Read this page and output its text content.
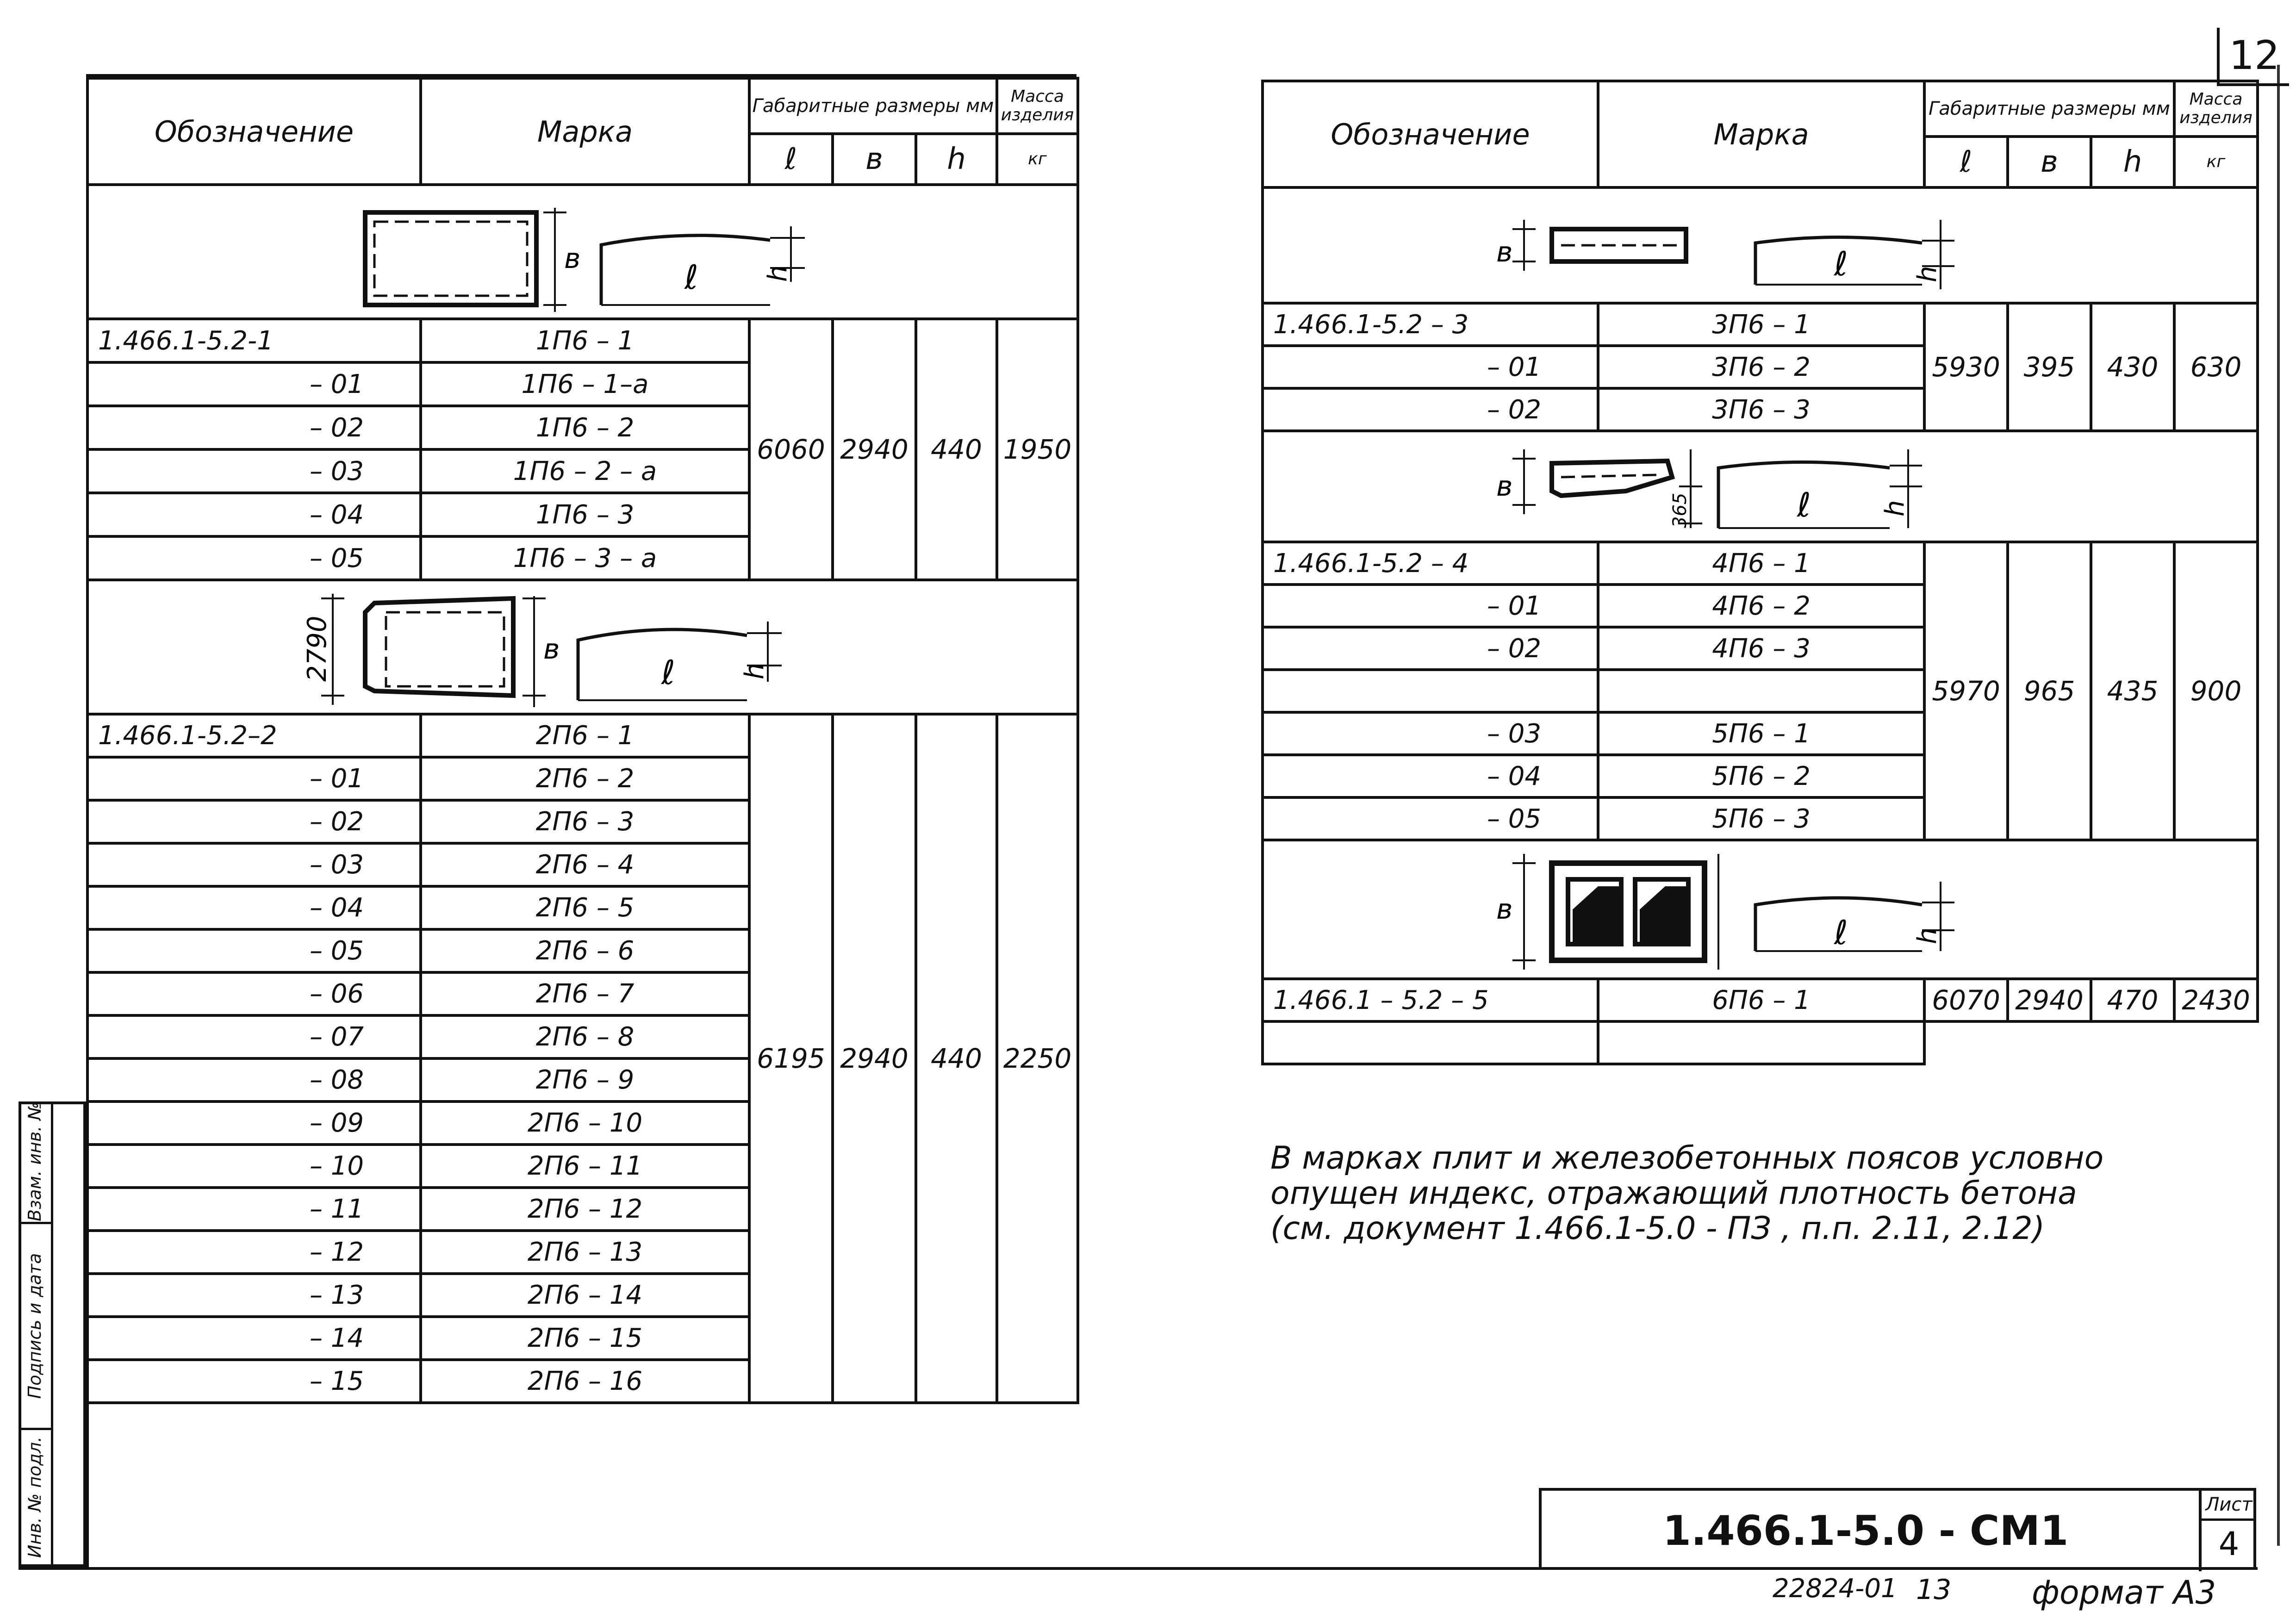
12
Обозначение	Марка	Габаритные размеры мм			Масса изделия
		ℓ	в	h	кг

в ℓ h					

1.466.1-5.2-1	1П6 – 1	6060	2940	440	1950
– 01	1П6 – 1–а				
– 02	1П6 – 2				
– 03	1П6 – 2 – а				
– 04	1П6 – 3				
– 05	1П6 – 3 – а				

2790 в
ℓ h					

1.466.1-5.2–2	2П6 – 1	6195	2940	440	2250
– 01	2П6 – 2				
– 02	2П6 – 3				
– 03	2П6 – 4				
– 04	2П6 – 5				
– 05	2П6 – 6				
– 06	2П6 – 7				
– 07	2П6 – 8				
– 08	2П6 – 9				
– 09	2П6 – 10				
– 10	2П6 – 11				
– 11	2П6 – 12				
– 12	2П6 – 13				
– 13	2П6 – 14				
– 14	2П6 – 15				
– 15	2П6 – 16				
Обозначение	Марка	Габаритные размеры мм			Масса изделия
		ℓ	в	h	кг

в ℓ h					

1.466.1-5.2 – 3	3П6 – 1	5930	395	430	630
– 01	3П6 – 2				
– 02	3П6 – 3				

в
365 ℓ h					

1.466.1-5.2 – 4	4П6 – 1	5970	965	435	900
– 01	4П6 – 2				
– 02	4П6 – 3				

– 03	5П6 – 1				
– 04	5П6 – 2				
– 05	5П6 – 3				

в
ℓ h					

1.466.1 – 5.2 – 5	6П6 – 1	6070	2940	470	2430

В марках плит и железобетонных поясов условно
опущен индекс, отражающий плотность бетона
(см. документ 1.466.1-5.0 - ПЗ , п.п. 2.11, 2.12)
Инв. № подл.
Подпись и дата
Взам. инв. №
1.466.1-5.0 - СМ1
Лист
4
22824-01 13 формат А3
